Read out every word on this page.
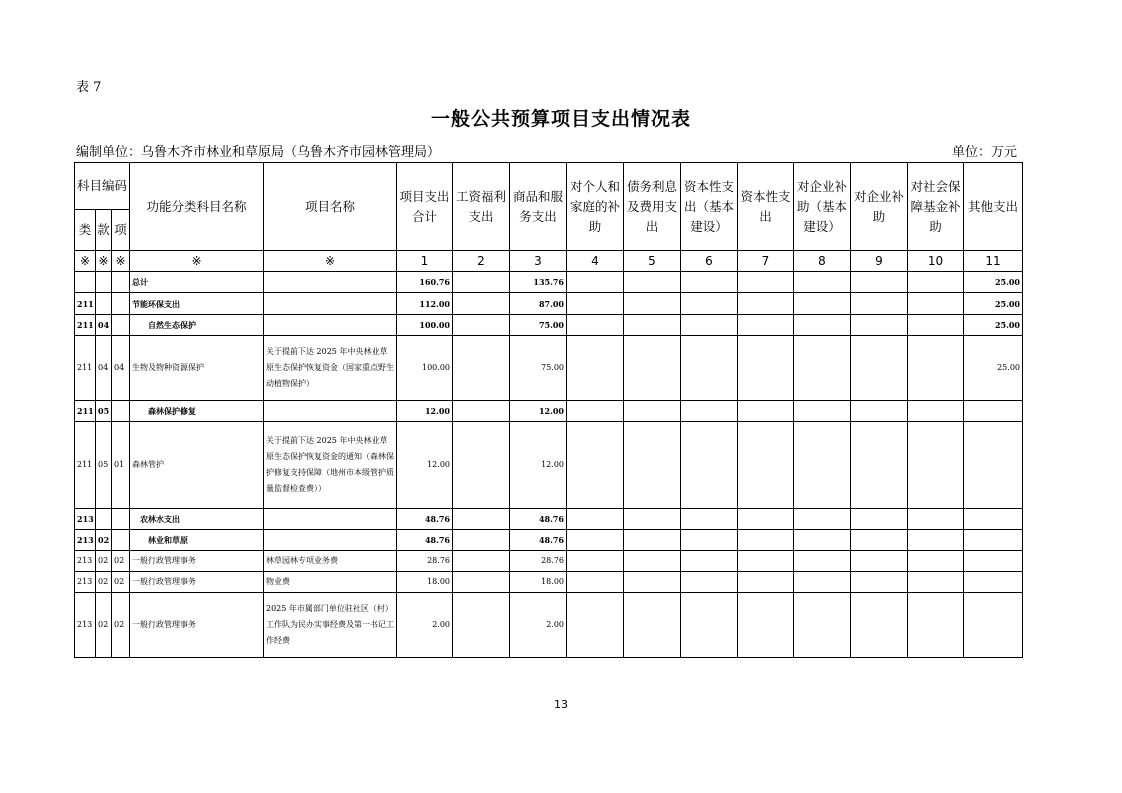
表 7
一般公共预算项目支出情况表
编制单位：乌鲁木齐市林业和草原局（乌鲁木齐市园林管理局）	单位：万元
科目编码			功能分类科目名称	项目名称	项目支出合计	工资福利支出	商品和服务支出	对个人和家庭的补助	债务利息及费用支出	资本性支出（基本建设）	资本性支出	对企业补助（基本建设）	对企业补助	对社会保障基金补助	其他支出
类	款	项													
※	※	※	※	※	1	2	3	4	5	6	7	8	9	10	11
			总计		160.76		135.76								25.00
211			节能环保支出		112.00		87.00								25.00
211	04		自然生态保护		100.00		75.00								25.00
211	04	04	生物及物种资源保护	关于提前下达 2025 年中央林业草原生态保护恢复资金（国家重点野生动植物保护）	100.00		75.00								25.00
211	05		森林保护修复		12.00		12.00								
211	05	01	森林管护	关于提前下达 2025 年中央林业草原生态保护恢复资金的通知（森林保护修复支持保障（地州市本级管护质量监督检查费））	12.00		12.00								
213			农林水支出		48.76		48.76								
213	02		林业和草原		48.76		48.76								
213	02	02	一般行政管理事务	林草园林专项业务费	28.76		28.76								
213	02	02	一般行政管理事务	物业费	18.00		18.00								
213	02	02	一般行政管理事务	2025 年市属部门单位驻社区（村）工作队为民办实事经费及第一书记工作经费	2.00		2.00								
13
